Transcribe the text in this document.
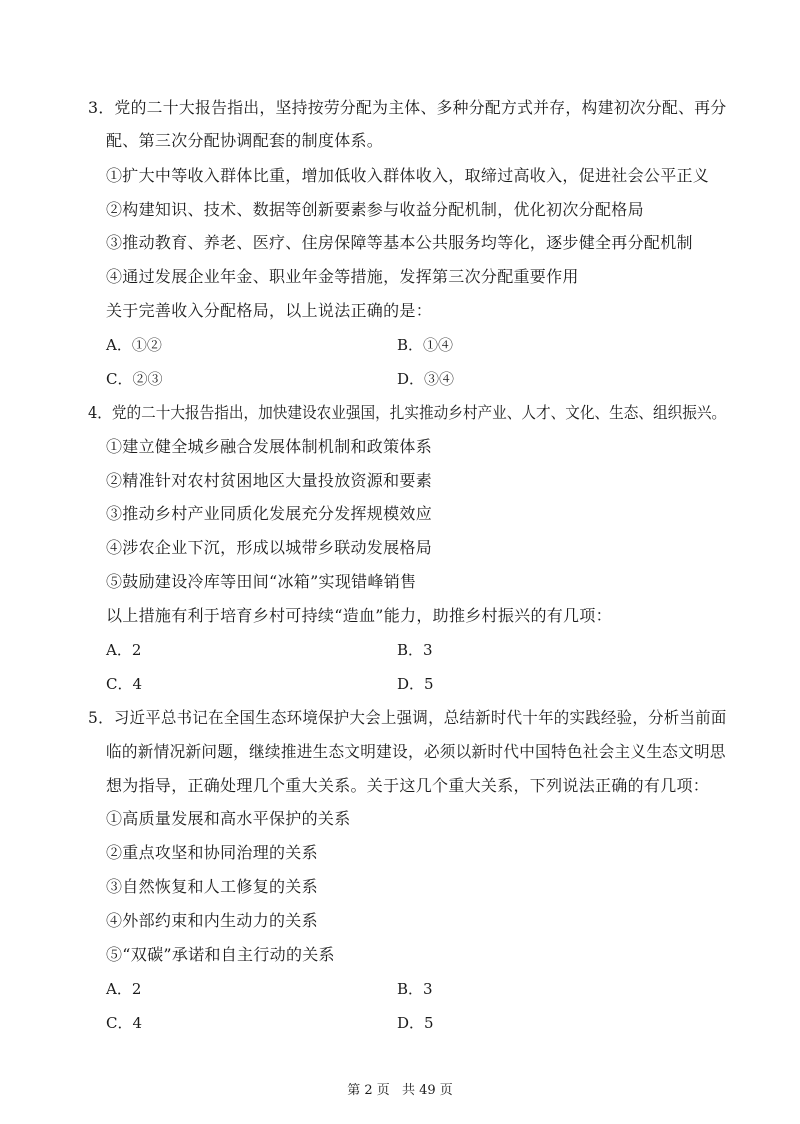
3．党的二十大报告指出，坚持按劳分配为主体、多种分配方式并存，构建初次分配、再分
配、第三次分配协调配套的制度体系。
①扩大中等收入群体比重，增加低收入群体收入，取缔过高收入，促进社会公平正义
②构建知识、技术、数据等创新要素参与收益分配机制，优化初次分配格局
③推动教育、养老、医疗、住房保障等基本公共服务均等化，逐步健全再分配机制
④通过发展企业年金、职业年金等措施，发挥第三次分配重要作用
关于完善收入分配格局，以上说法正确的是：
A．①②	B．①④
C．②③	D．③④
4．党的二十大报告指出，加快建设农业强国，扎实推动乡村产业、人才、文化、生态、组织振兴。
①建立健全城乡融合发展体制机制和政策体系
②精准针对农村贫困地区大量投放资源和要素
③推动乡村产业同质化发展充分发挥规模效应
④涉农企业下沉，形成以城带乡联动发展格局
⑤鼓励建设冷库等田间“冰箱”实现错峰销售
以上措施有利于培育乡村可持续“造血”能力，助推乡村振兴的有几项：
A．2	B．3
C．4	D．5
5．习近平总书记在全国生态环境保护大会上强调，总结新时代十年的实践经验，分析当前面
临的新情况新问题，继续推进生态文明建设，必须以新时代中国特色社会主义生态文明思
想为指导，正确处理几个重大关系。关于这几个重大关系，下列说法正确的有几项：
①高质量发展和高水平保护的关系
②重点攻坚和协同治理的关系
③自然恢复和人工修复的关系
④外部约束和内生动力的关系
⑤“双碳”承诺和自主行动的关系
A．2	B．3
C．4	D．5
第 2 页 共 49 页
